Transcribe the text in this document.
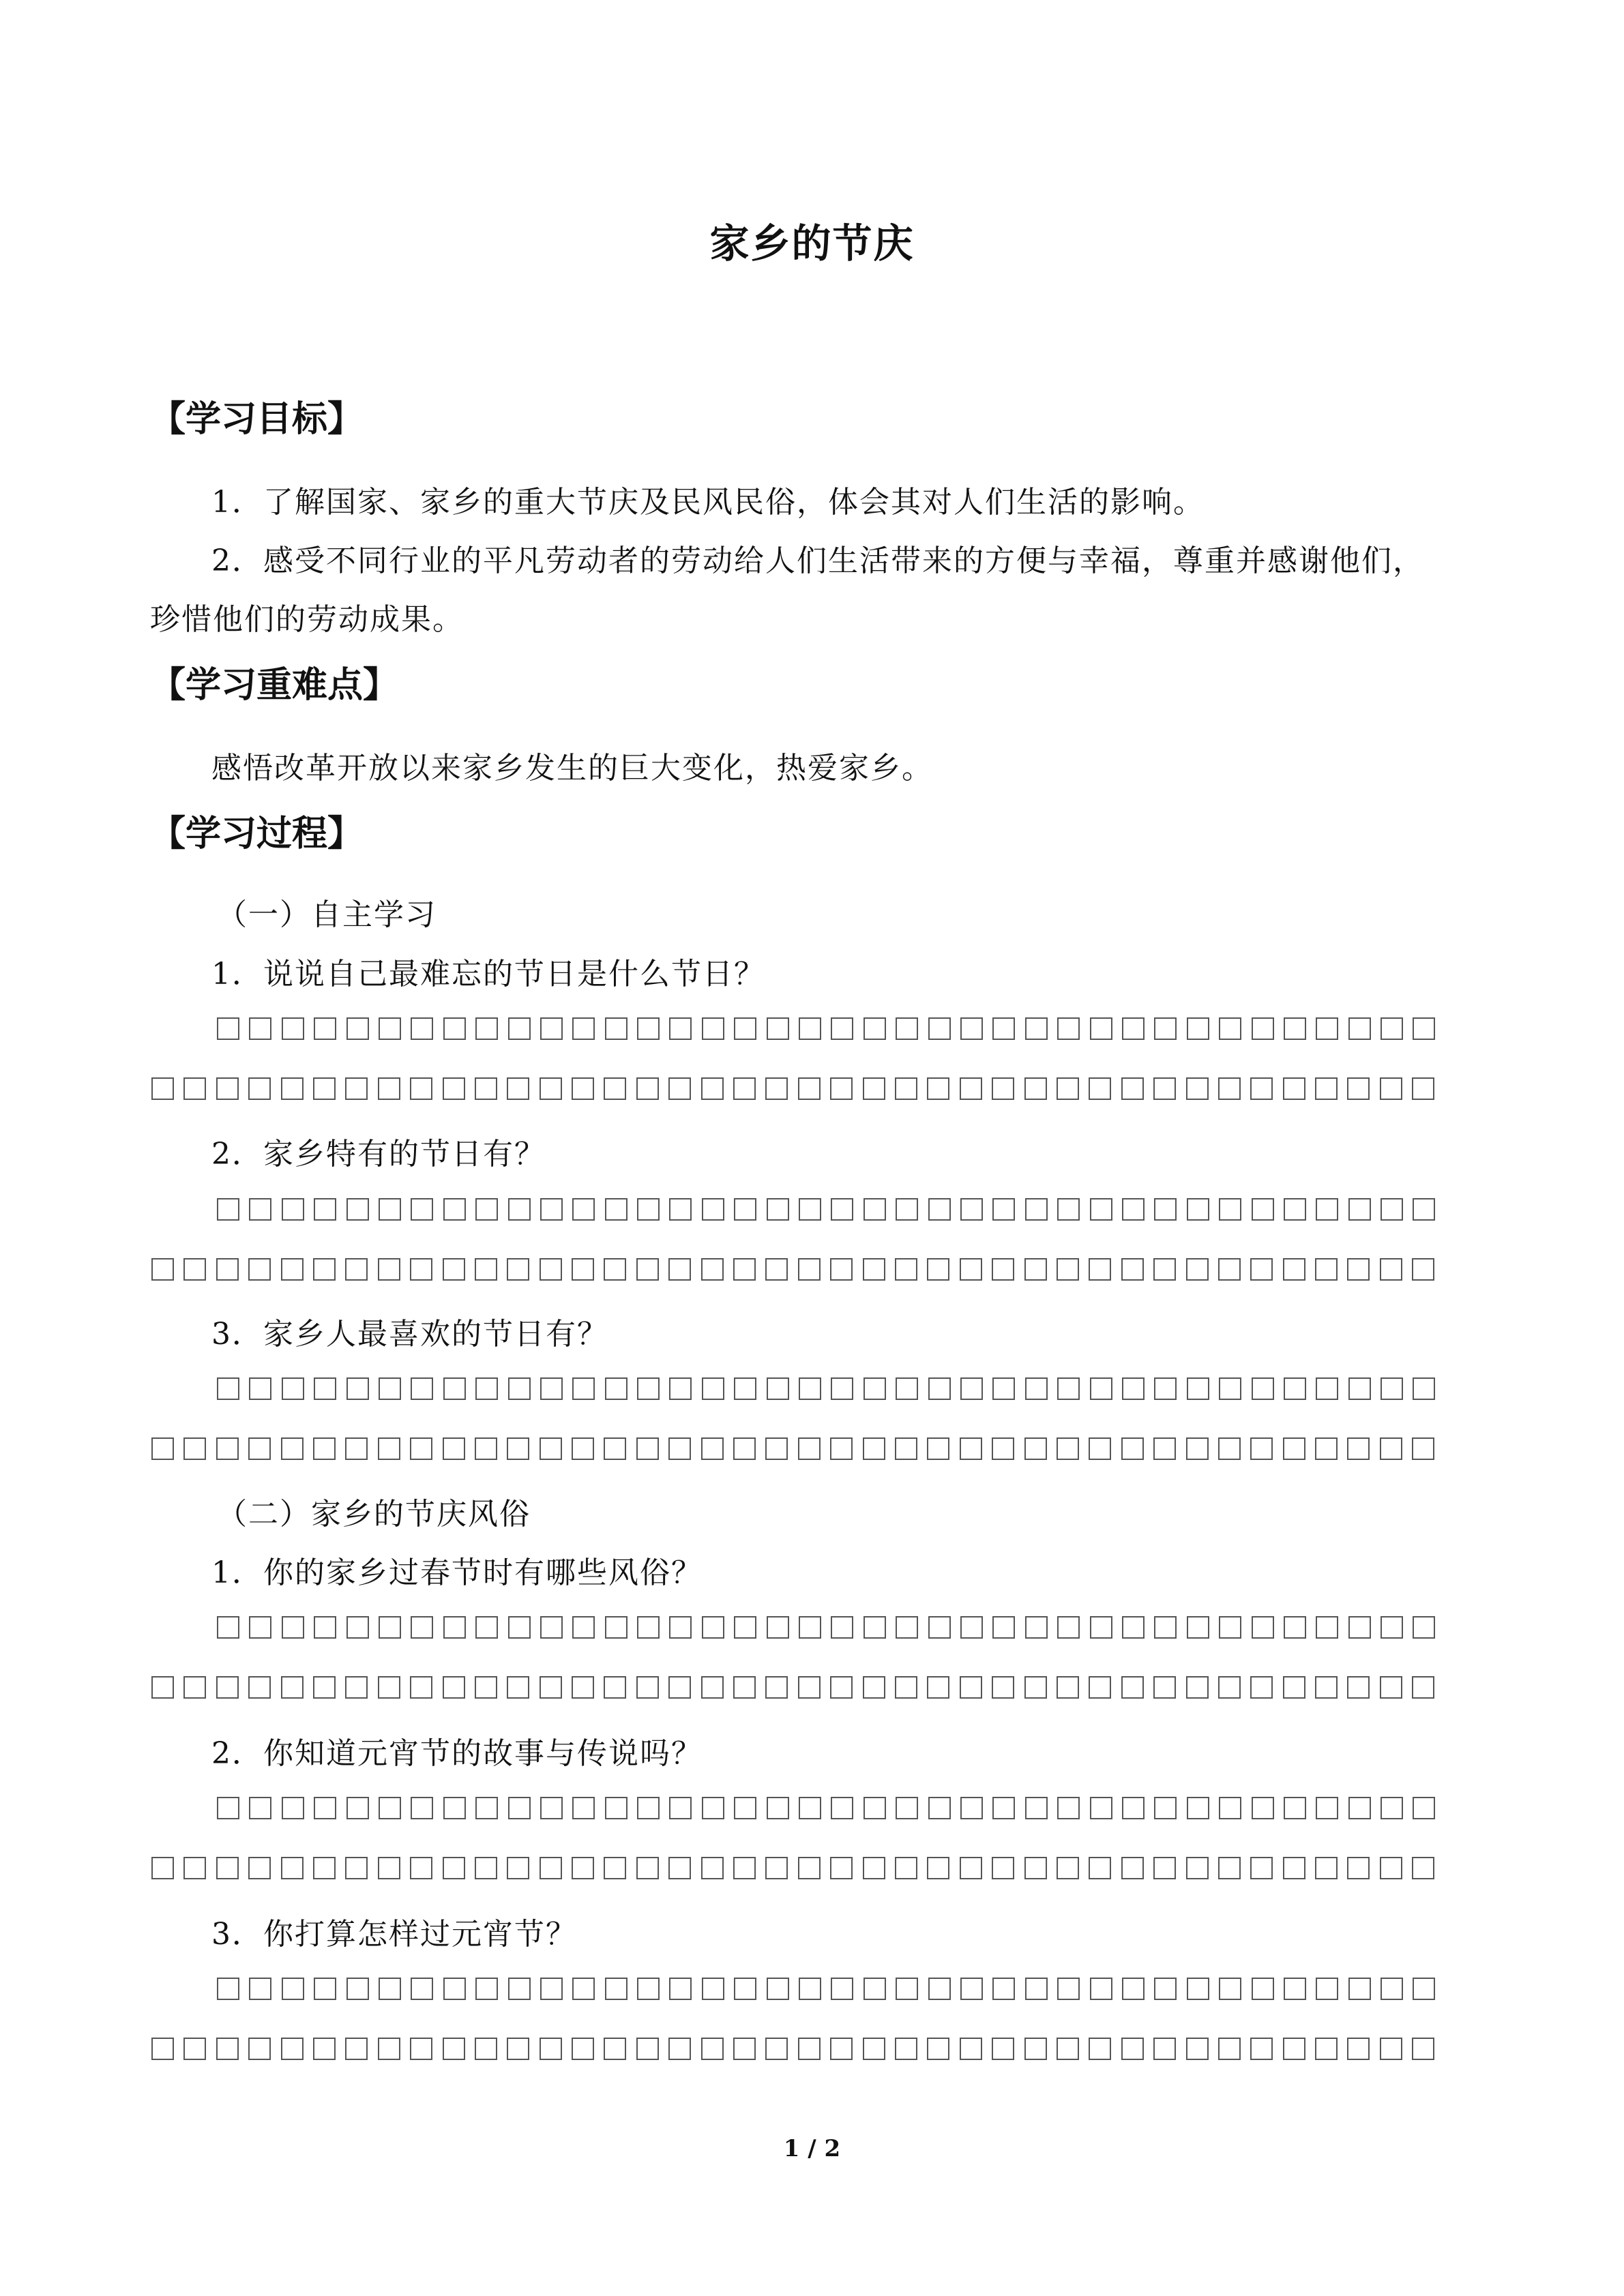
家乡的节庆
【学习目标】
1．了解国家、家乡的重大节庆及民风民俗，体会其对人们生活的影响。
2．感受不同行业的平凡劳动者的劳动给人们生活带来的方便与幸福，尊重并感谢他们，
珍惜他们的劳动成果。
【学习重难点】
感悟改革开放以来家乡发生的巨大变化，热爱家乡。
【学习过程】
（一）自主学习
1．说说自己最难忘的节日是什么节日？
2．家乡特有的节日有？
3．家乡人最喜欢的节日有？
（二）家乡的节庆风俗
1．你的家乡过春节时有哪些风俗？
2．你知道元宵节的故事与传说吗？
3．你打算怎样过元宵节？
1 / 2
